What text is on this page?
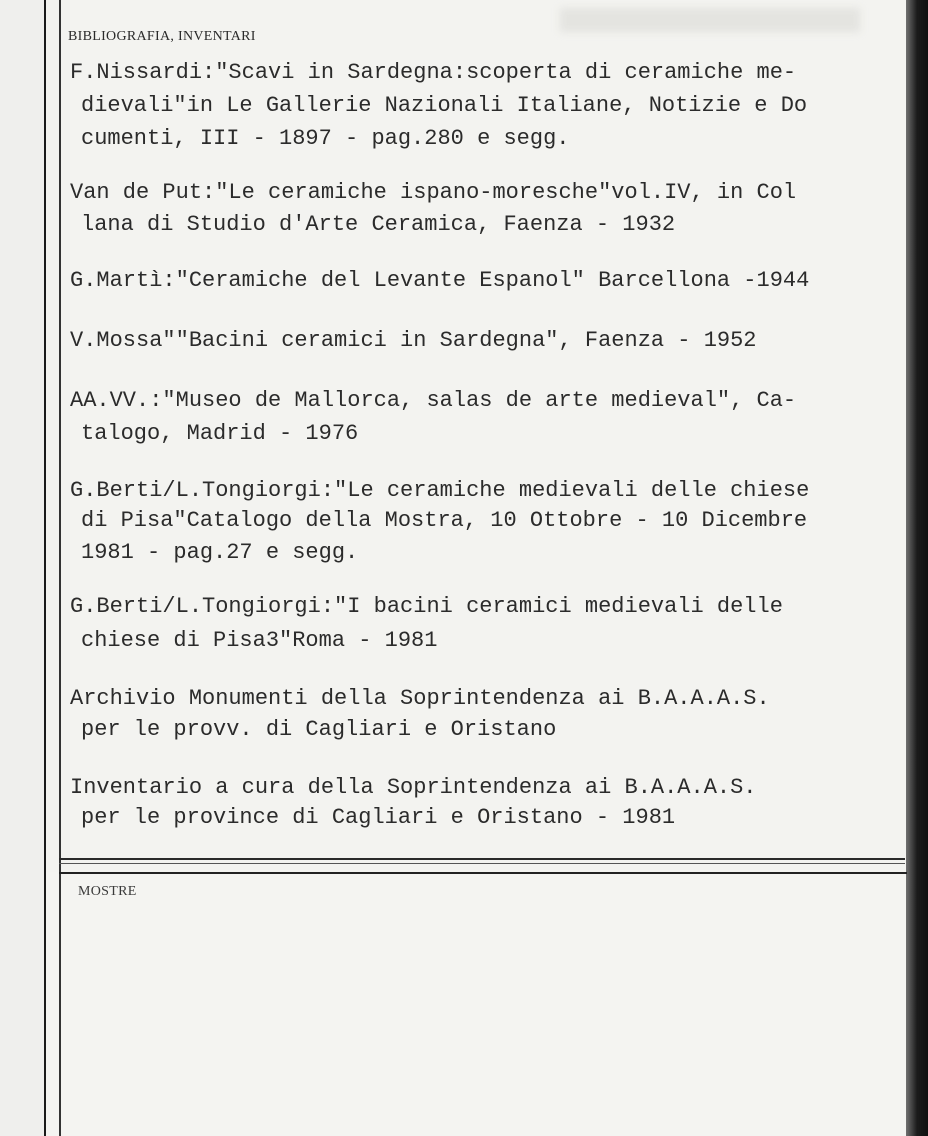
BIBLIOGRAFIA, INVENTARI
F.Nissardi:"Scavi in Sardegna:scoperta di ceramiche me-
dievali"in Le Gallerie Nazionali Italiane, Notizie e Do
cumenti, III - 1897 - pag.280 e segg.
Van de Put:"Le ceramiche ispano-moresche"vol.IV, in Col
lana di Studio d'Arte Ceramica, Faenza - 1932
G.Martì:"Ceramiche del Levante Espanol" Barcellona -1944
V.Mossa""Bacini ceramici in Sardegna", Faenza - 1952
AA.VV.:"Museo de Mallorca, salas de arte medieval", Ca-
talogo, Madrid - 1976
G.Berti/L.Tongiorgi:"Le ceramiche medievali delle chiese
di Pisa"Catalogo della Mostra, 10 Ottobre - 10 Dicembre
1981 - pag.27 e segg.
G.Berti/L.Tongiorgi:"I bacini ceramici medievali delle
chiese di Pisa3"Roma - 1981
Archivio Monumenti della Soprintendenza ai B.A.A.A.S.
per le provv. di Cagliari e Oristano
Inventario a cura della Soprintendenza ai B.A.A.A.S.
per le province di Cagliari e Oristano - 1981
MOSTRE
